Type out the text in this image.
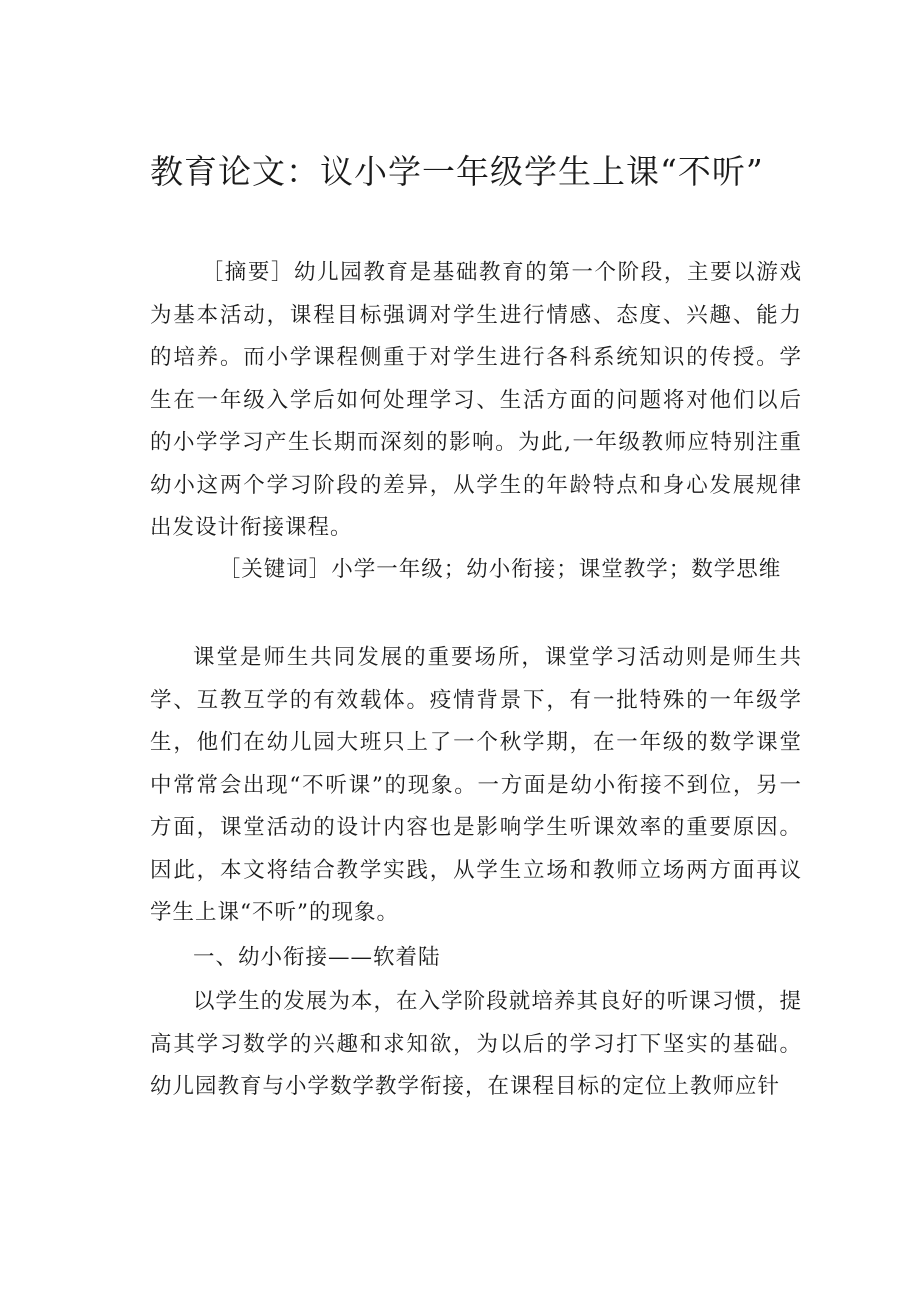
教育论文：议小学一年级学生上课“不听”

［摘要］幼儿园教育是基础教育的第一个阶段，主要以游戏为基本活动，课程目标强调对学生进行情感、态度、兴趣、能力的培养。而小学课程侧重于对学生进行各科系统知识的传授。学生在一年级入学后如何处理学习、生活方面的问题将对他们以后的小学学习产生长期而深刻的影响。为此,一年级教师应特别注重幼小这两个学习阶段的差异，从学生的年龄特点和身心发展规律出发设计衔接课程。

［关键词］小学一年级；幼小衔接；课堂教学；数学思维

课堂是师生共同发展的重要场所，课堂学习活动则是师生共学、互教互学的有效载体。疫情背景下，有一批特殊的一年级学生，他们在幼儿园大班只上了一个秋学期，在一年级的数学课堂中常常会出现“不听课”的现象。一方面是幼小衔接不到位，另一方面，课堂活动的设计内容也是影响学生听课效率的重要原因。因此，本文将结合教学实践，从学生立场和教师立场两方面再议学生上课“不听”的现象。

一、幼小衔接——软着陆

以学生的发展为本，在入学阶段就培养其良好的听课习惯，提高其学习数学的兴趣和求知欲，为以后的学习打下坚实的基础。幼儿园教育与小学数学教学衔接，在课程目标的定位上教师应针
